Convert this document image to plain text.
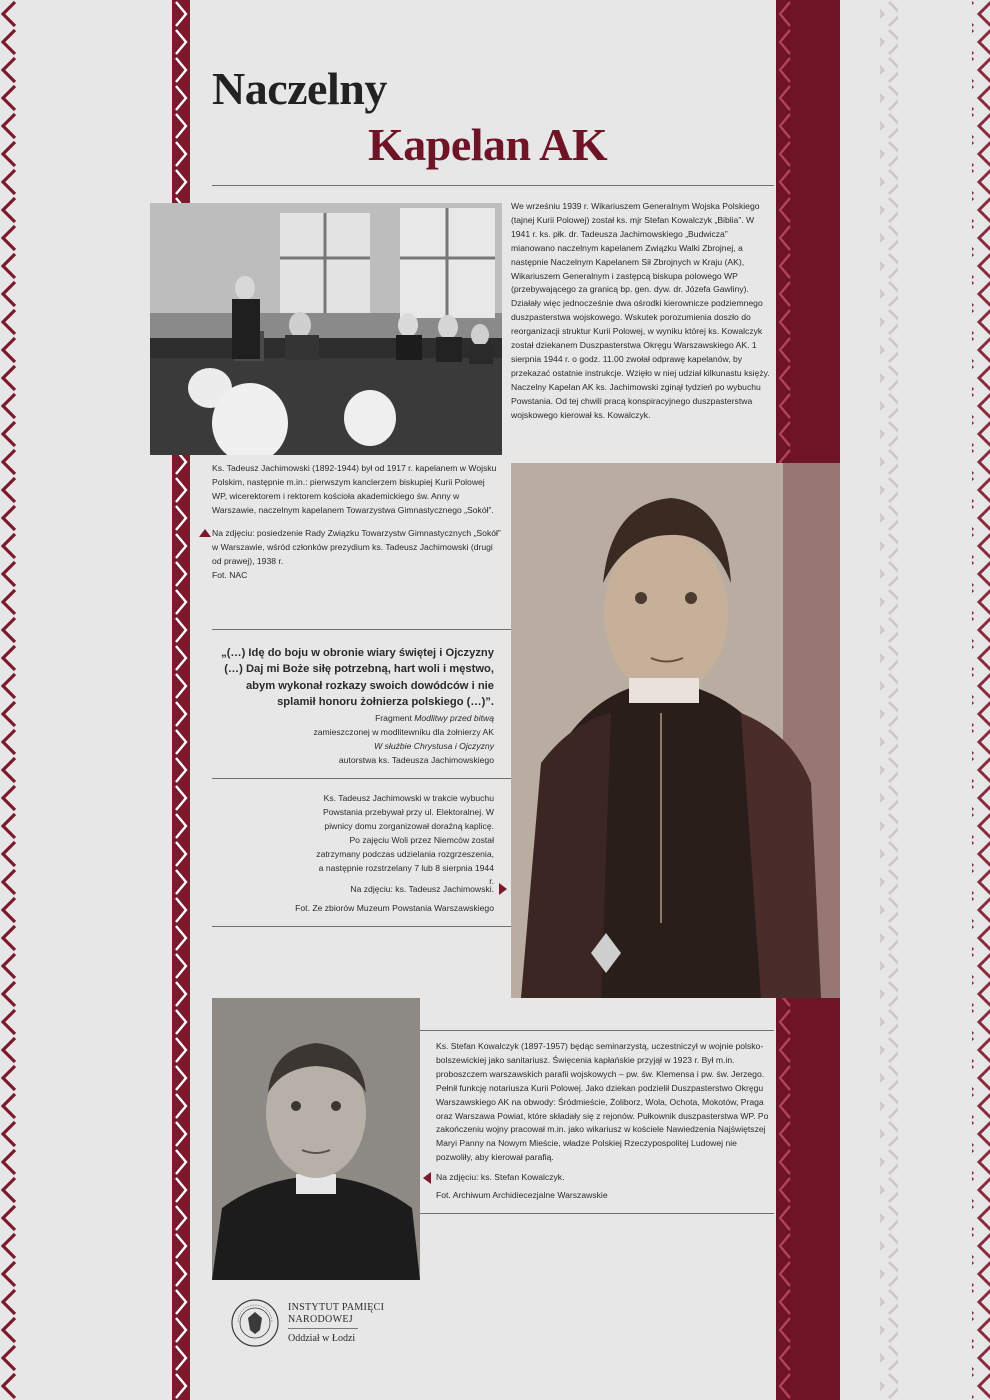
Naczelny
Kapelan AK
We wrześniu 1939 r. Wikariuszem Generalnym Wojska Polskiego (tajnej Kurii Polowej) został ks. mjr Stefan Kowalczyk „Biblia”. W 1941 r. ks. płk. dr. Tadeusza Jachimowskiego „Budwicza” mianowano naczelnym kapelanem Związku Walki Zbrojnej, a następnie Naczelnym Kapelanem Sił Zbrojnych w Kraju (AK), Wikariuszem Generalnym i zastępcą biskupa polowego WP (przebywającego za granicą bp. gen. dyw. dr. Józefa Gawliny). Działały więc jednocześnie dwa ośrodki kierownicze podziemnego duszpasterstwa wojskowego. Wskutek porozumienia doszło do reorganizacji struktur Kurii Polowej, w wyniku której ks. Kowalczyk został dziekanem Duszpasterstwa Okręgu Warszawskiego AK. 1 sierpnia 1944 r. o godz. 11.00 zwołał odprawę kapelanów, by przekazać ostatnie instrukcje. Wzięło w niej udział kilkunastu księży. Naczelny Kapelan AK ks. Jachimowski zginął tydzień po wybuchu Powstania. Od tej chwili pracą konspiracyjnego duszpasterstwa wojskowego kierował ks. Kowalczyk.
Ks. Tadeusz Jachimowski (1892-1944) był od 1917 r. kapelanem w Wojsku Polskim, następnie m.in.: pierwszym kanclerzem biskupiej Kurii Polowej WP, wicerektorem i rektorem kościoła akademickiego św. Anny w Warszawie, naczelnym kapelanem Towarzystwa Gimnastycznego „Sokół”.
Na zdjęciu: posiedzenie Rady Związku Towarzystw Gimnastycznych „Sokół” w Warszawie, wśród członków prezydium ks. Tadeusz Jachimowski (drugi od prawej), 1938 r.
Fot. NAC
„(…) Idę do boju w obronie wiary świętej i Ojczyzny (…) Daj mi Boże siłę potrzebną, hart woli i męstwo, abym wykonał rozkazy swoich dowódców i nie splamił honoru żołnierza polskiego (…)”.
Fragment Modlitwy przed bitwą
zamieszczonej w modlitewniku dla żołnierzy AK
W służbie Chrystusa i Ojczyzny
autorstwa ks. Tadeusza Jachimowskiego
Ks. Tadeusz Jachimowski w trakcie wybuchu Powstania przebywał przy ul. Elektoralnej. W piwnicy domu zorganizował doraźną kaplicę. Po zajęciu Woli przez Niemców został zatrzymany podczas udzielania rozgrzeszenia, a następnie rozstrzelany 7 lub 8 sierpnia 1944 r.
Na zdjęciu: ks. Tadeusz Jachimowski.
Fot. Ze zbiorów Muzeum Powstania Warszawskiego
Ks. Stefan Kowalczyk (1897-1957) będąc seminarzystą, uczestniczył w wojnie polsko-bolszewickiej jako sanitariusz. Święcenia kapłańskie przyjął w 1923 r. Był m.in. proboszczem warszawskich parafii wojskowych – pw. św. Klemensa i pw. św. Jerzego. Pełnił funkcję notariusza Kurii Polowej. Jako dziekan podzielił Duszpasterstwo Okręgu Warszawskiego AK na obwody: Śródmieście, Żoliborz, Wola, Ochota, Mokotów, Praga oraz Warszawa Powiat, które składały się z rejonów. Pułkownik duszpasterstwa WP. Po zakończeniu wojny pracował m.in. jako wikariusz w kościele Nawiedzenia Najświętszej Maryi Panny na Nowym Mieście, władze Polskiej Rzeczypospolitej Ludowej nie pozwoliły, aby kierował parafią.
Na zdjęciu: ks. Stefan Kowalczyk.
Fot. Archiwum Archidiecezjalne Warszawskie
INSTYTUT PAMIĘCI
NARODOWEJ
Oddział w Łodzi
